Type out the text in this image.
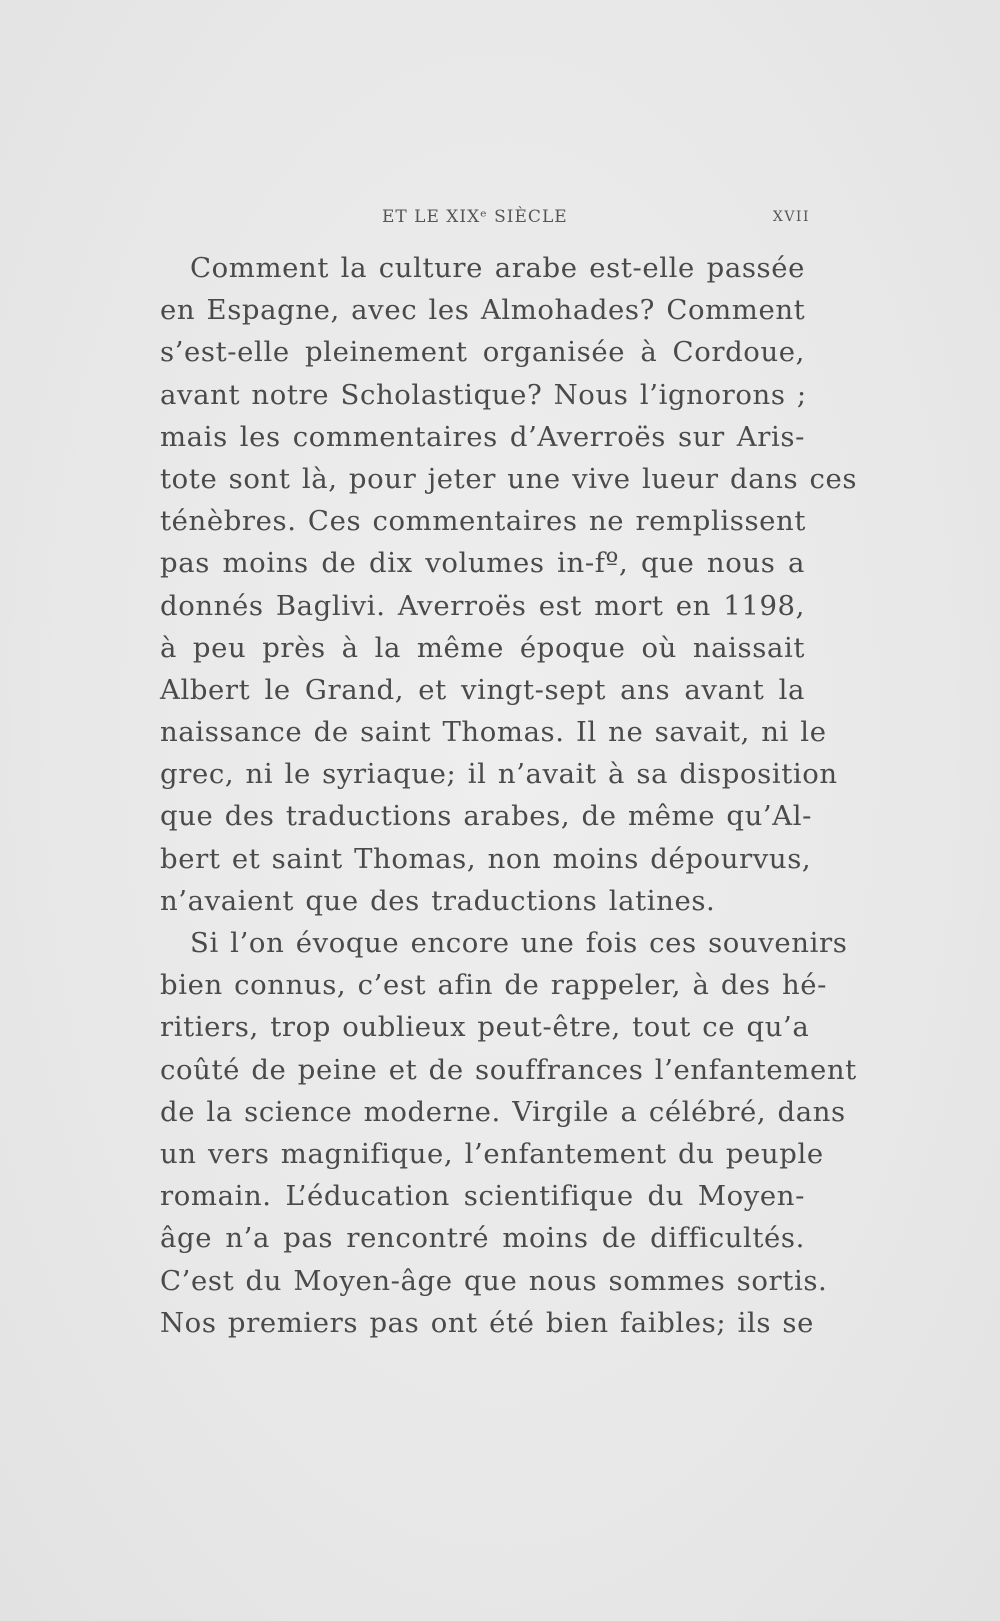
ET LE XIXᵉ SIÈCLE	XVII
Comment la culture arabe est-elle passée
en Espagne, avec les Almohades? Comment
s’est-elle pleinement organisée à Cordoue,
avant notre Scholastique? Nous l’ignorons ;
mais les commentaires d’Averroës sur Aris-
tote sont là, pour jeter une vive lueur dans ces
ténèbres. Ces commentaires ne remplissent
pas moins de dix volumes in-fº, que nous a
donnés Baglivi. Averroës est mort en 1198,
à peu près à la même époque où naissait
Albert le Grand, et vingt-sept ans avant la
naissance de saint Thomas. Il ne savait, ni le
grec, ni le syriaque; il n’avait à sa disposition
que des traductions arabes, de même qu’Al-
bert et saint Thomas, non moins dépourvus,
n’avaient que des traductions latines.
Si l’on évoque encore une fois ces souvenirs
bien connus, c’est afin de rappeler, à des hé-
ritiers, trop oublieux peut-être, tout ce qu’a
coûté de peine et de souffrances l’enfantement
de la science moderne. Virgile a célébré, dans
un vers magnifique, l’enfantement du peuple
romain. L’éducation scientifique du Moyen-
âge n’a pas rencontré moins de difficultés.
C’est du Moyen-âge que nous sommes sortis.
Nos premiers pas ont été bien faibles; ils se
